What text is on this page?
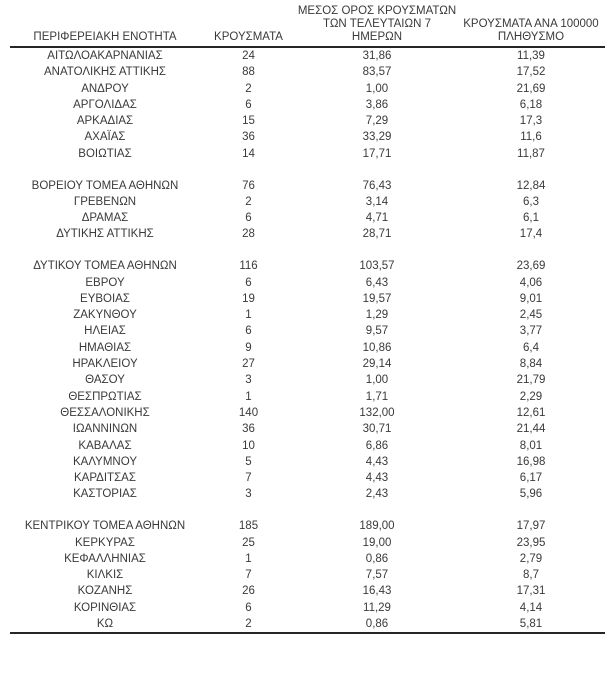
ΠΕΡΙΦΕΡΕΙΑΚΗ ΕΝΟΤΗΤΑ	ΚΡΟΥΣΜΑΤΑ	ΜΕΣΟΣ ΟΡΟΣ ΚΡΟΥΣΜΑΤΩΝ
ΤΩΝ ΤΕΛΕΥΤΑΙΩΝ 7
ΗΜΕΡΩΝ	ΚΡΟΥΣΜΑΤΑ ΑΝΑ 100000
ΠΛΗΘΥΣΜΟ

ΑΙΤΩΛΟΑΚΑΡΝΑΝΙΑΣ	24	31,86	11,39
ΑΝΑΤΟΛΙΚΗΣ ΑΤΤΙΚΗΣ	88	83,57	17,52
ΑΝΔΡΟΥ	2	1,00	21,69
ΑΡΓΟΛΙΔΑΣ	6	3,86	6,18
ΑΡΚΑΔΙΑΣ	15	7,29	17,3
ΑΧΑΪΑΣ	36	33,29	11,6
ΒΟΙΩΤΙΑΣ	14	17,71	11,87

ΒΟΡΕΙΟΥ ΤΟΜΕΑ ΑΘΗΝΩΝ	76	76,43	12,84
ΓΡΕΒΕΝΩΝ	2	3,14	6,3
ΔΡΑΜΑΣ	6	4,71	6,1
ΔΥΤΙΚΗΣ ΑΤΤΙΚΗΣ	28	28,71	17,4

ΔΥΤΙΚΟΥ ΤΟΜΕΑ ΑΘΗΝΩΝ	116	103,57	23,69
ΕΒΡΟΥ	6	6,43	4,06
ΕΥΒΟΙΑΣ	19	19,57	9,01
ΖΑΚΥΝΘΟΥ	1	1,29	2,45
ΗΛΕΙΑΣ	6	9,57	3,77
ΗΜΑΘΙΑΣ	9	10,86	6,4
ΗΡΑΚΛΕΙΟΥ	27	29,14	8,84
ΘΑΣΟΥ	3	1,00	21,79
ΘΕΣΠΡΩΤΙΑΣ	1	1,71	2,29
ΘΕΣΣΑΛΟΝΙΚΗΣ	140	132,00	12,61
ΙΩΑΝΝΙΝΩΝ	36	30,71	21,44
ΚΑΒΑΛΑΣ	10	6,86	8,01
ΚΑΛΥΜΝΟΥ	5	4,43	16,98
ΚΑΡΔΙΤΣΑΣ	7	4,43	6,17
ΚΑΣΤΟΡΙΑΣ	3	2,43	5,96

ΚΕΝΤΡΙΚΟΥ ΤΟΜΕΑ ΑΘΗΝΩΝ	185	189,00	17,97
ΚΕΡΚΥΡΑΣ	25	19,00	23,95
ΚΕΦΑΛΛΗΝΙΑΣ	1	0,86	2,79
ΚΙΛΚΙΣ	7	7,57	8,7
ΚΟΖΑΝΗΣ	26	16,43	17,31
ΚΟΡΙΝΘΙΑΣ	6	11,29	4,14
ΚΩ	2	0,86	5,81
